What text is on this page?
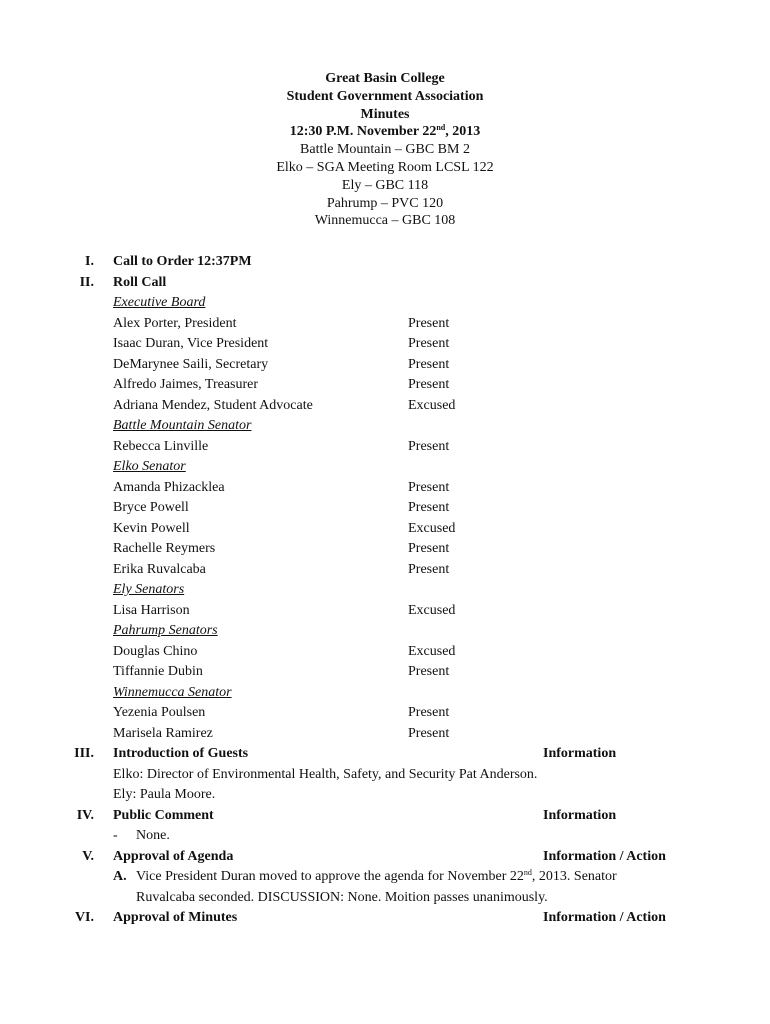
Great Basin College
Student Government Association
Minutes
12:30 P.M. November 22nd, 2013
Battle Mountain – GBC BM 2
Elko – SGA Meeting Room LCSL 122
Ely – GBC 118
Pahrump – PVC 120
Winnemucca – GBC 108
I. Call to Order 12:37PM
II. Roll Call
Executive Board
Alex Porter, President	Present
Isaac Duran, Vice President	Present
DeMarynee Saili, Secretary	Present
Alfredo Jaimes, Treasurer	Present
Adriana Mendez, Student Advocate	Excused
Battle Mountain Senator
Rebecca Linville	Present
Elko Senator
Amanda Phizacklea	Present
Bryce Powell	Present
Kevin Powell	Excused
Rachelle Reymers	Present
Erika Ruvalcaba	Present
Ely Senators
Lisa Harrison	Excused
Pahrump Senators
Douglas Chino	Excused
Tiffannie Dubin	Present
Winnemucca Senator
Yezenia Poulsen	Present
Marisela Ramirez	Present
III. Introduction of Guests	Information
Elko: Director of Environmental Health, Safety, and Security Pat Anderson.
Ely: Paula Moore.
IV. Public Comment	Information
- None.
V. Approval of Agenda	Information / Action
A. Vice President Duran moved to approve the agenda for November 22nd, 2013. Senator
Ruvalcaba seconded. DISCUSSION: None. Moition passes unanimously.
VI. Approval of Minutes	Information / Action
